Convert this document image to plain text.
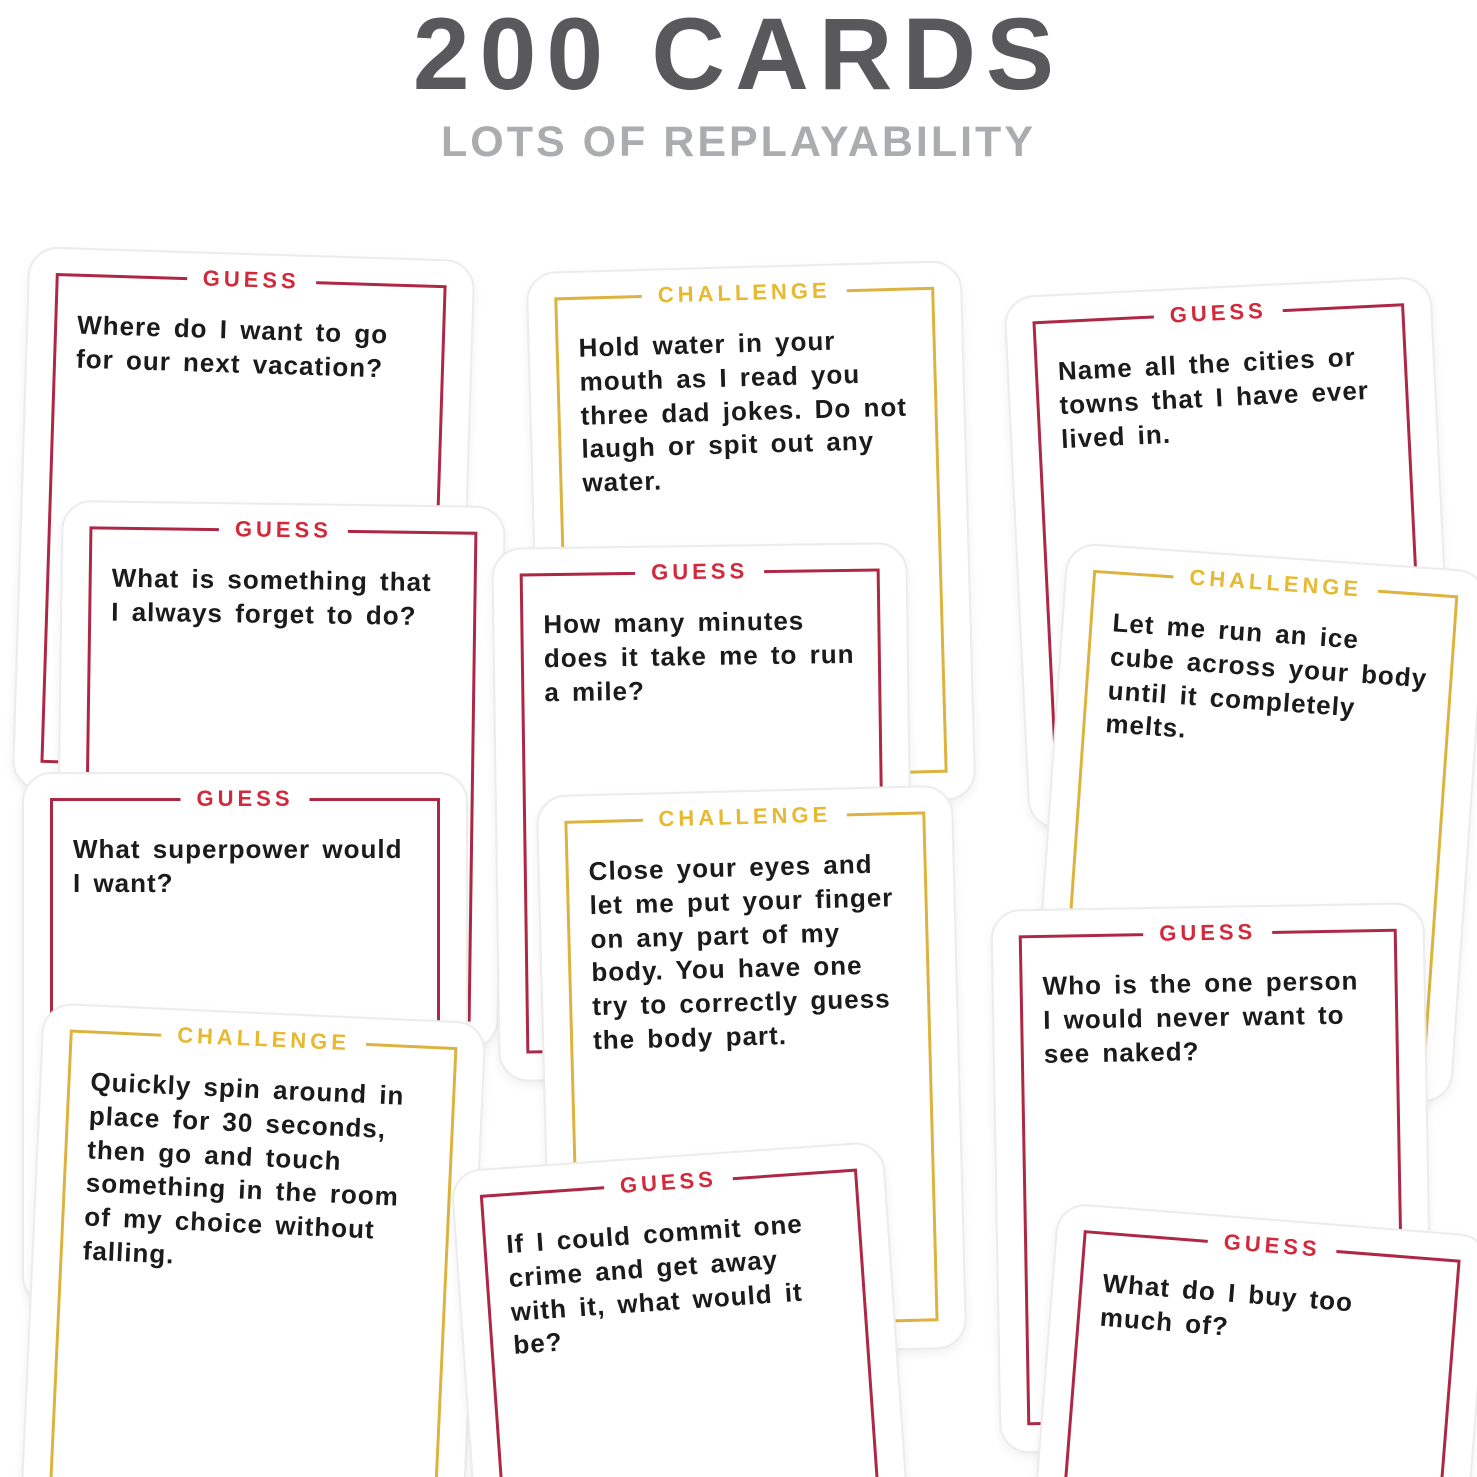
200 CARDS
LOTS OF REPLAYABILITY
GUESS

Where do I want to go for our next vacation?

CHALLENGE

Hold water in your mouth as I read you three dad jokes. Do not laugh or spit out any water.

GUESS

Name all the cities or towns that I have ever lived in.

GUESS

What is something that I always forget to do?

GUESS

How many minutes does it take me to run a mile?

CHALLENGE

Let me run an ice cube across your body until it completely melts.

GUESS

What superpower would I want?

CHALLENGE

Close your eyes and let me put your finger on any part of my body. You have one try to correctly guess the body part.

GUESS

Who is the one person I would never want to see naked?

CHALLENGE

Quickly spin around in place for 30 seconds, then go and touch something in the room of my choice without falling.

GUESS

If I could commit one crime and get away with it, what would it be?

GUESS

What do I buy too much of?
